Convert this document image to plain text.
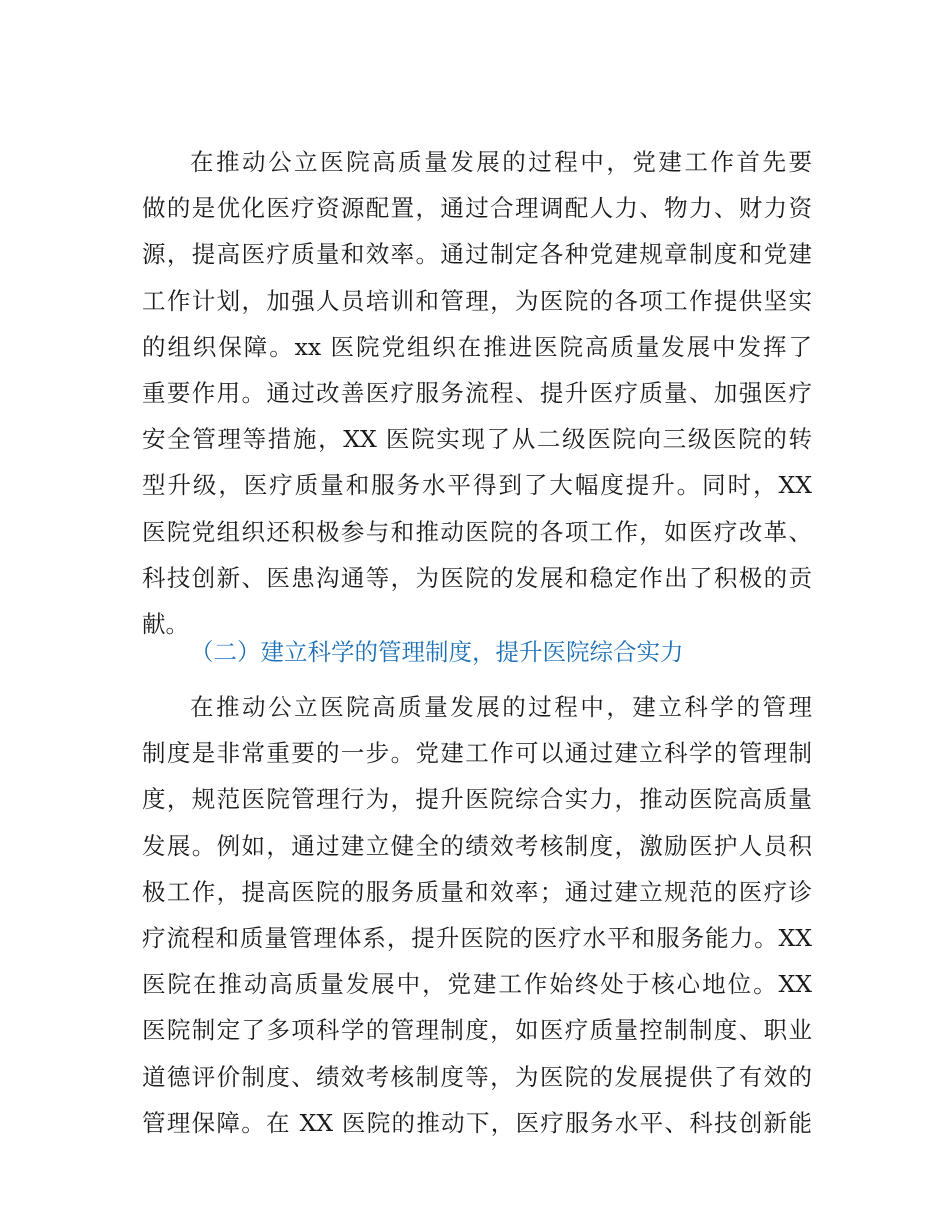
在推动公立医院高质量发展的过程中，党建工作首先要
做的是优化医疗资源配置，通过合理调配人力、物力、财力资
源，提高医疗质量和效率。通过制定各种党建规章制度和党建
工作计划，加强人员培训和管理，为医院的各项工作提供坚实
的组织保障。xx 医院党组织在推进医院高质量发展中发挥了
重要作用。通过改善医疗服务流程、提升医疗质量、加强医疗
安全管理等措施，XX 医院实现了从二级医院向三级医院的转
型升级，医疗质量和服务水平得到了大幅度提升。同时，XX
医院党组织还积极参与和推动医院的各项工作，如医疗改革、
科技创新、医患沟通等，为医院的发展和稳定作出了积极的贡
献。
（二）建立科学的管理制度，提升医院综合实力
在推动公立医院高质量发展的过程中，建立科学的管理
制度是非常重要的一步。党建工作可以通过建立科学的管理制
度，规范医院管理行为，提升医院综合实力，推动医院高质量
发展。例如，通过建立健全的绩效考核制度，激励医护人员积
极工作，提高医院的服务质量和效率；通过建立规范的医疗诊
疗流程和质量管理体系，提升医院的医疗水平和服务能力。XX
医院在推动高质量发展中，党建工作始终处于核心地位。XX
医院制定了多项科学的管理制度，如医疗质量控制制度、职业
道德评价制度、绩效考核制度等，为医院的发展提供了有效的
管理保障。在 XX 医院的推动下，医疗服务水平、科技创新能
